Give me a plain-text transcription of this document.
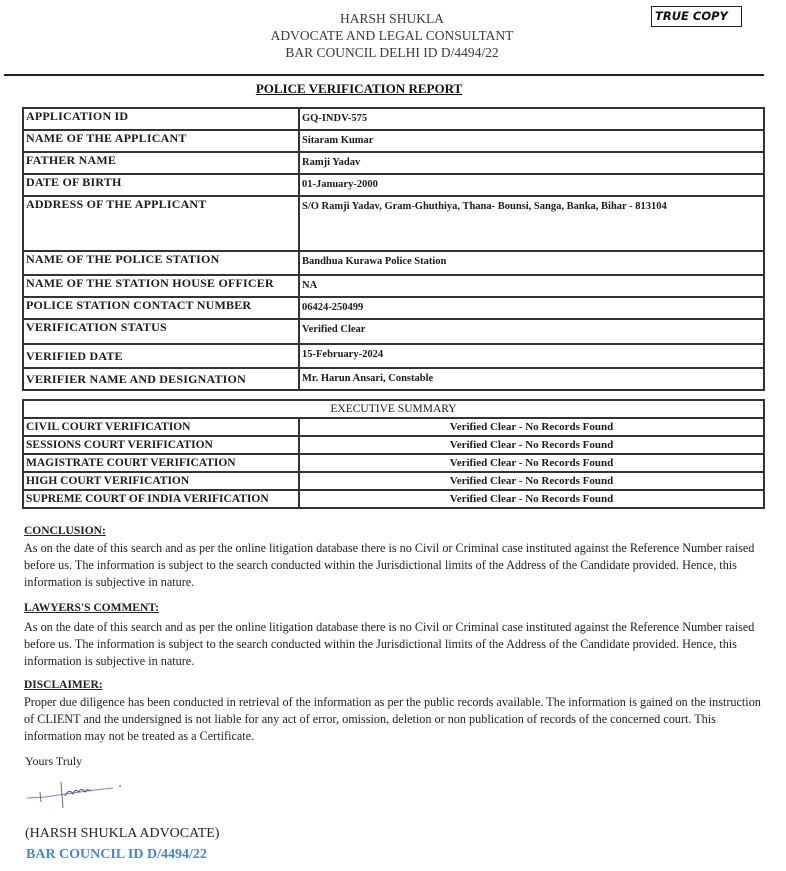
HARSH SHUKLA
ADVOCATE AND LEGAL CONSULTANT
BAR COUNCIL DELHI ID D/4494/22
TRUE COPY
POLICE VERIFICATION REPORT
APPLICATION ID	GQ-INDV-575
NAME OF THE APPLICANT	Sitaram Kumar
FATHER NAME	Ramji Yadav
DATE OF BIRTH	01-January-2000
ADDRESS OF THE APPLICANT	S/O Ramji Yadav, Gram-Ghuthiya, Thana- Bounsi, Sanga, Banka, Bihar - 813104
NAME OF THE POLICE STATION	Bandhua Kurawa Police Station
NAME OF THE STATION HOUSE OFFICER	NA
POLICE STATION CONTACT NUMBER	06424-250499
VERIFICATION STATUS	Verified Clear
VERIFIED DATE	15-February-2024
VERIFIER NAME AND DESIGNATION	Mr. Harun Ansari, Constable
EXECUTIVE SUMMARY	
CIVIL COURT VERIFICATION	Verified Clear - No Records Found
SESSIONS COURT VERIFICATION	Verified Clear - No Records Found
MAGISTRATE COURT VERIFICATION	Verified Clear - No Records Found
HIGH COURT VERIFICATION	Verified Clear - No Records Found
SUPREME COURT OF INDIA VERIFICATION	Verified Clear - No Records Found
CONCLUSION:

As on the date of this search and as per the online litigation database there is no Civil or Criminal case instituted against the Reference Number raised before us. The information is subject to the search conducted within the Jurisdictional limits of the Address of the Candidate provided. Hence, this information is subjective in nature.

LAWYERS'S COMMENT:

As on the date of this search and as per the online litigation database there is no Civil or Criminal case instituted against the Reference Number raised before us. The information is subject to the search conducted within the Jurisdictional limits of the Address of the Candidate provided. Hence, this information is subjective in nature.

DISCLAIMER:

Proper due diligence has been conducted in retrieval of the information as per the public records available. The information is gained on the instruction of CLIENT and the undersigned is not liable for any act of error, omission, deletion or non publication of records of the concerned court. This information may not be treated as a Certificate.

Yours Truly
(HARSH SHUKLA ADVOCATE)
BAR COUNCIL ID D/4494/22
